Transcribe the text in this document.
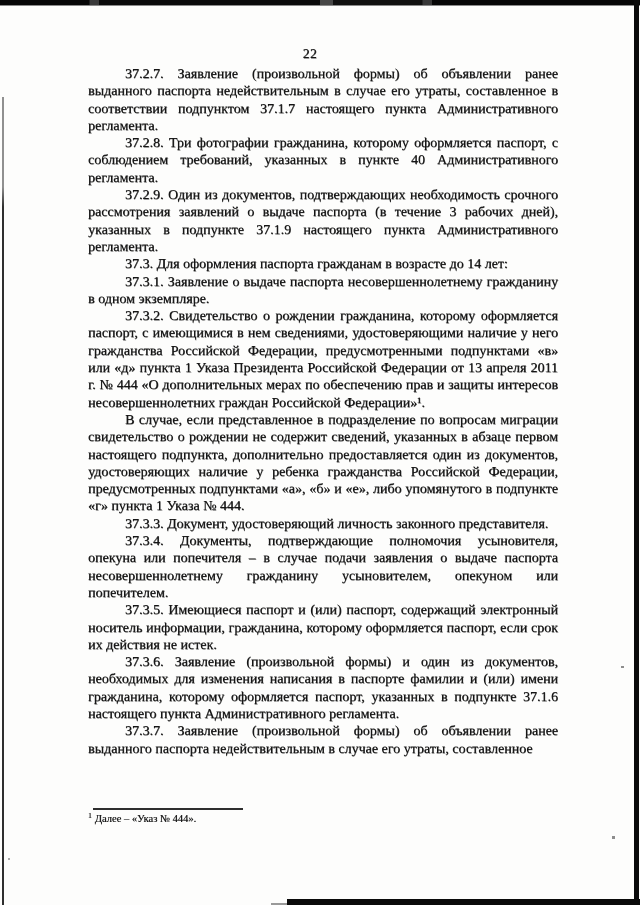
22

37.2.7. Заявление (произвольной формы) об объявлении ранее выданного паспорта недействительным в случае его утраты, составленное в соответствии подпунктом 37.1.7 настоящего пункта Административного регламента.

37.2.8. Три фотографии гражданина, которому оформляется паспорт, с соблюдением требований, указанных в пункте 40 Административного регламента.

37.2.9. Один из документов, подтверждающих необходимость срочного рассмотрения заявлений о выдаче паспорта (в течение 3 рабочих дней), указанных в подпункте 37.1.9 настоящего пункта Административного регламента.

37.3. Для оформления паспорта гражданам в возрасте до 14 лет:

37.3.1. Заявление о выдаче паспорта несовершеннолетнему гражданину в одном экземпляре.

37.3.2. Свидетельство о рождении гражданина, которому оформляется паспорт, с имеющимися в нем сведениями, удостоверяющими наличие у него гражданства Российской Федерации, предусмотренными подпунктами «в» или «д» пункта 1 Указа Президента Российской Федерации от 13 апреля 2011 г. № 444 «О дополнительных мерах по обеспечению прав и защиты интересов несовершеннолетних граждан Российской Федерации»¹.

В случае, если представленное в подразделение по вопросам миграции свидетельство о рождении не содержит сведений, указанных в абзаце первом настоящего подпункта, дополнительно предоставляется один из документов, удостоверяющих наличие у ребенка гражданства Российской Федерации, предусмотренных подпунктами «а», «б» и «е», либо упомянутого в подпункте «г» пункта 1 Указа № 444.

37.3.3. Документ, удостоверяющий личность законного представителя.

37.3.4. Документы, подтверждающие полномочия усыновителя, опекуна или попечителя – в случае подачи заявления о выдаче паспорта несовершеннолетнему гражданину усыновителем, опекуном или попечителем.

37.3.5. Имеющиеся паспорт и (или) паспорт, содержащий электронный носитель информации, гражданина, которому оформляется паспорт, если срок их действия не истек.

37.3.6. Заявление (произвольной формы) и один из документов, необходимых для изменения написания в паспорте фамилии и (или) имени гражданина, которому оформляется паспорт, указанных в подпункте 37.1.6 настоящего пункта Административного регламента.

37.3.7. Заявление (произвольной формы) об объявлении ранее выданного паспорта недействительным в случае его утраты, составленное

$^1$ Далее – «Указ № 444».
